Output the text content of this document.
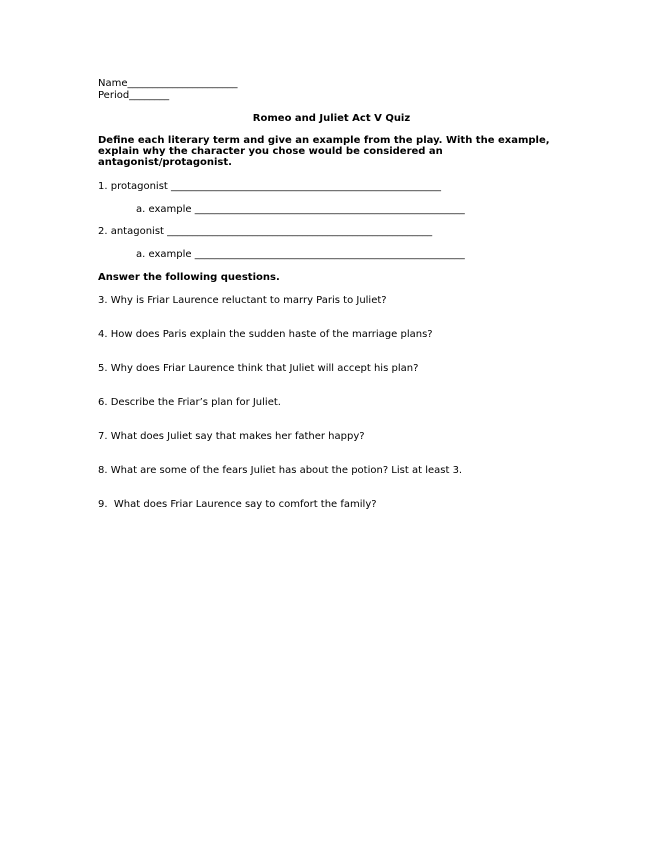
Name______________________
Period________
Romeo and Juliet Act V Quiz
Define each literary term and give an example from the play. With the example, explain why the character you chose would be considered an antagonist/protagonist.
1. protagonist ______________________________________________________
a. example ______________________________________________________
2. antagonist _____________________________________________________
a. example ______________________________________________________
Answer the following questions.
3. Why is Friar Laurence reluctant to marry Paris to Juliet?
4. How does Paris explain the sudden haste of the marriage plans?
5. Why does Friar Laurence think that Juliet will accept his plan?
6. Describe the Friar’s plan for Juliet.
7. What does Juliet say that makes her father happy?
8. What are some of the fears Juliet has about the potion? List at least 3.
9.  What does Friar Laurence say to comfort the family?
